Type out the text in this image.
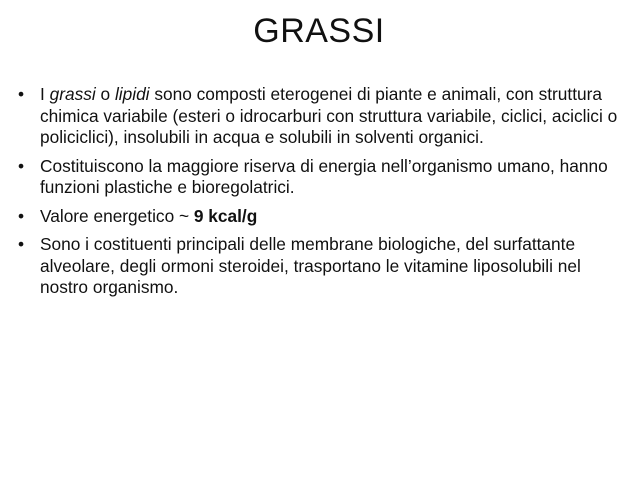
GRASSI
• I grassi o lipidi sono composti eterogenei di piante e animali, con struttura chimica variabile (esteri o idrocarburi con struttura variabile, ciclici, aciclici o policiclici), insolubili in acqua e solubili in solventi organici.
• Costituiscono la maggiore riserva di energia nell’organismo umano, hanno funzioni plastiche e bioregolatrici.
• Valore energetico ~ 9 kcal/g
• Sono i costituenti principali delle membrane biologiche, del surfattante alveolare, degli ormoni steroidei, trasportano le vitamine liposolubili nel nostro organismo.
